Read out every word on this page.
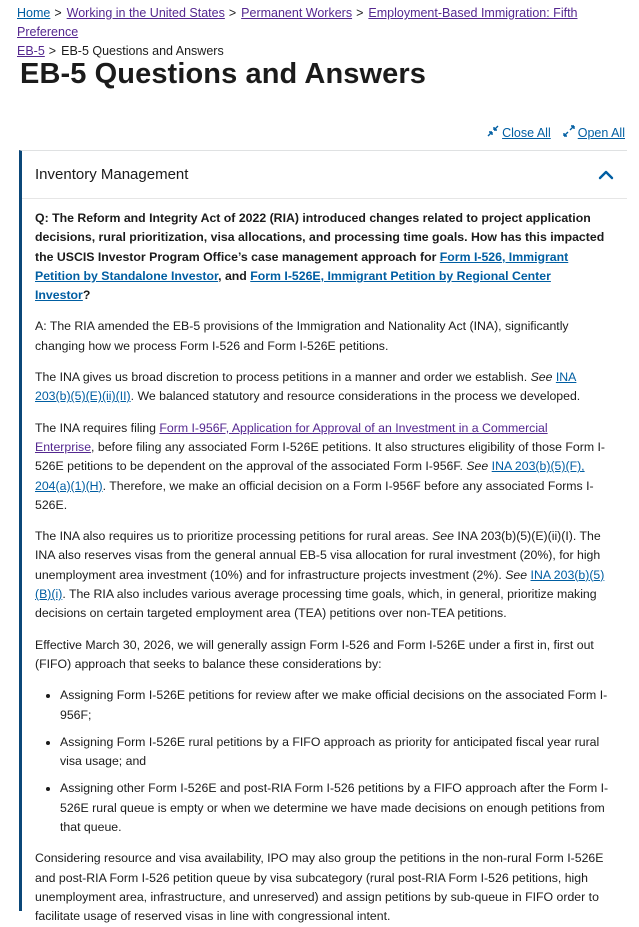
Home > Working in the United States > Permanent Workers > Employment-Based Immigration: Fifth Preference
EB-5 > EB-5 Questions and Answers
EB-5 Questions and Answers
Close All Open All
Inventory Management

Q: The Reform and Integrity Act of 2022 (RIA) introduced changes related to project application decisions, rural prioritization, visa allocations, and processing time goals. How has this impacted the USCIS Investor Program Office’s case management approach for Form I-526, Immigrant Petition by Standalone Investor, and Form I-526E, Immigrant Petition by Regional Center Investor?

A: The RIA amended the EB-5 provisions of the Immigration and Nationality Act (INA), significantly changing how we process Form I-526 and Form I-526E petitions.

The INA gives us broad discretion to process petitions in a manner and order we establish. See INA 203(b)(5)(E)(ii)(II). We balanced statutory and resource considerations in the process we developed.

The INA requires filing Form I-956F, Application for Approval of an Investment in a Commercial Enterprise, before filing any associated Form I-526E petitions. It also structures eligibility of those Form I-526E petitions to be dependent on the approval of the associated Form I-956F. See INA 203(b)(5)(F), 204(a)(1)(H). Therefore, we make an official decision on a Form I-956F before any associated Forms I-526E.

The INA also requires us to prioritize processing petitions for rural areas. See INA 203(b)(5)(E)(ii)(I). The INA also reserves visas from the general annual EB-5 visa allocation for rural investment (20%), for high unemployment area investment (10%) and for infrastructure projects investment (2%). See INA 203(b)(5)(B)(i). The RIA also includes various average processing time goals, which, in general, prioritize making decisions on certain targeted employment area (TEA) petitions over non-TEA petitions.

Effective March 30, 2026, we will generally assign Form I-526 and Form I-526E under a first in, first out (FIFO) approach that seeks to balance these considerations by:

• Assigning Form I-526E petitions for review after we make official decisions on the associated Form I-956F;
• Assigning Form I-526E rural petitions by a FIFO approach as priority for anticipated fiscal year rural visa usage; and
• Assigning other Form I-526E and post-RIA Form I-526 petitions by a FIFO approach after the Form I-526E rural queue is empty or when we determine we have made decisions on enough petitions from that queue.

Considering resource and visa availability, IPO may also group the petitions in the non-rural Form I-526E and post-RIA Form I-526 petition queue by visa subcategory (rural post-RIA Form I-526 petitions, high unemployment area, infrastructure, and unreserved) and assign petitions by sub-queue in FIFO order to facilitate usage of reserved visas in line with congressional intent.
